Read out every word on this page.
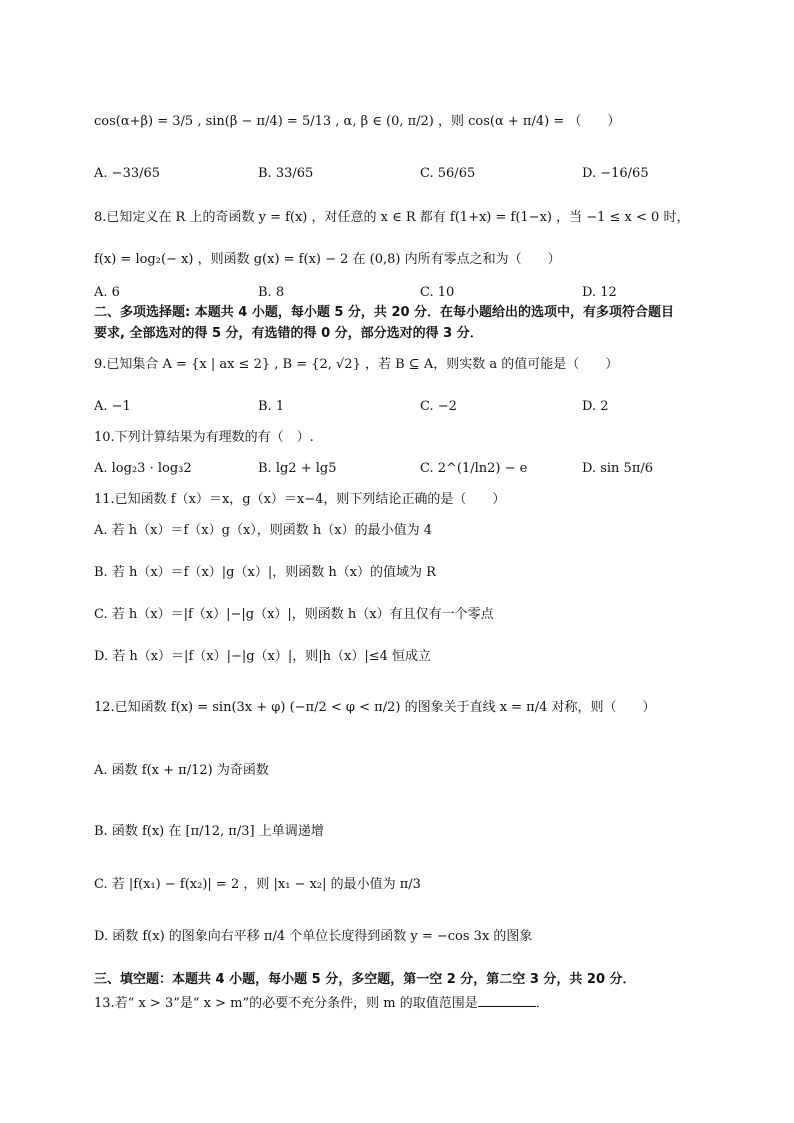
cos(α+β) = 3/5 , sin(β − π/4) = 5/13 , α, β ∈ (0, π/2) ，则 cos(α + π/4) = （　　）
A. −33/65	B. 33/65	C. 56/65	D. −16/65
8.已知定义在 R 上的奇函数 y = f(x) ，对任意的 x ∈ R 都有 f(1+x) = f(1−x) ，当 −1 ≤ x < 0 时，
f(x) = log₂(− x) ，则函数 g(x) = f(x) − 2 在 (0,8) 内所有零点之和为（　　）
A. 6	B. 8	C. 10	D. 12
二、多项选择题: 本题共 4 小题，每小题 5 分，共 20 分．在每小题给出的选项中，有多项符合题目
要求, 全部选对的得 5 分，有选错的得 0 分，部分选对的得 3 分．
9.已知集合 A = {x | ax ≤ 2} , B = {2, √2} ，若 B ⊆ A，则实数 a 的值可能是（　　）
A. −1	B. 1	C. −2	D. 2
10.下列计算结果为有理数的有（　）.
A. log₂3 · log₃2	B. lg2 + lg5	C. 2^(1/ln2) − e	D. sin 5π/6
11.已知函数 f（x）＝x，g（x）＝x−4，则下列结论正确的是（　　）
A. 若 h（x）＝f（x）g（x），则函数 h（x）的最小值为 4
B. 若 h（x）＝f（x）|g（x）|，则函数 h（x）的值域为 R
C. 若 h（x）＝|f（x）|−|g（x）|，则函数 h（x）有且仅有一个零点
D. 若 h（x）＝|f（x）|−|g（x）|，则|h（x）|≤4 恒成立
12.已知函数 f(x) = sin(3x + φ) (−π/2 < φ < π/2) 的图象关于直线 x = π/4 对称，则（　　）
A. 函数 f(x + π/12) 为奇函数
B. 函数 f(x) 在 [π/12, π/3] 上单调递增
C. 若 |f(x₁) − f(x₂)| = 2 ，则 |x₁ − x₂| 的最小值为 π/3
D. 函数 f(x) 的图象向右平移 π/4 个单位长度得到函数 y = −cos 3x 的图象
三、填空题：本题共 4 小题，每小题 5 分，多空题，第一空 2 分，第二空 3 分，共 20 分．
13.若“ x > 3”是“ x > m”的必要不充分条件，则 m 的取值范围是	．
